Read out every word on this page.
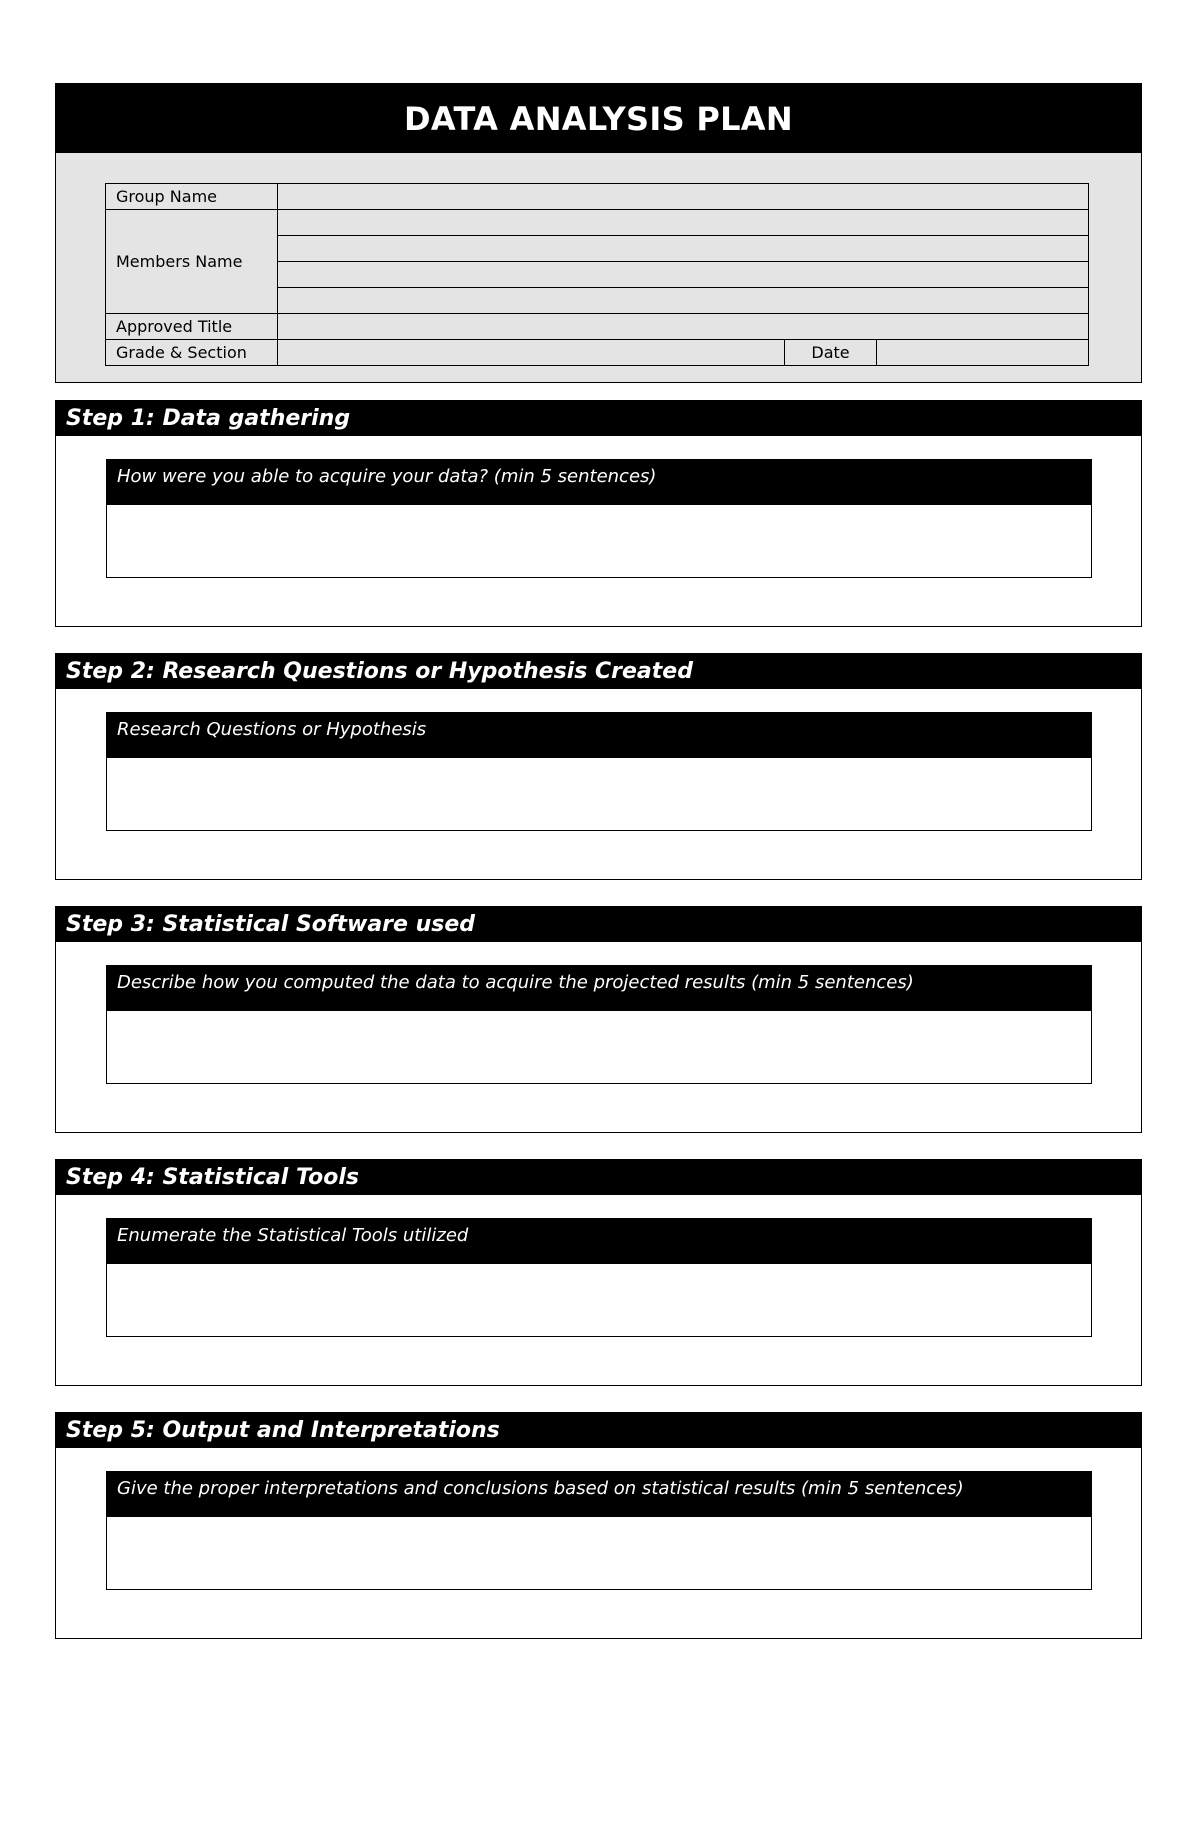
DATA ANALYSIS PLAN
Group Name			
Members Name			

Approved Title			
Grade & Section		Date	
Step 1: Data gathering
How were you able to acquire your data? (min 5 sentences)
Step 2: Research Questions or Hypothesis Created
Research Questions or Hypothesis
Step 3: Statistical Software used
Describe how you computed the data to acquire the projected results (min 5 sentences)
Step 4: Statistical Tools
Enumerate the Statistical Tools utilized
Step 5: Output and Interpretations
Give the proper interpretations and conclusions based on statistical results (min 5 sentences)
